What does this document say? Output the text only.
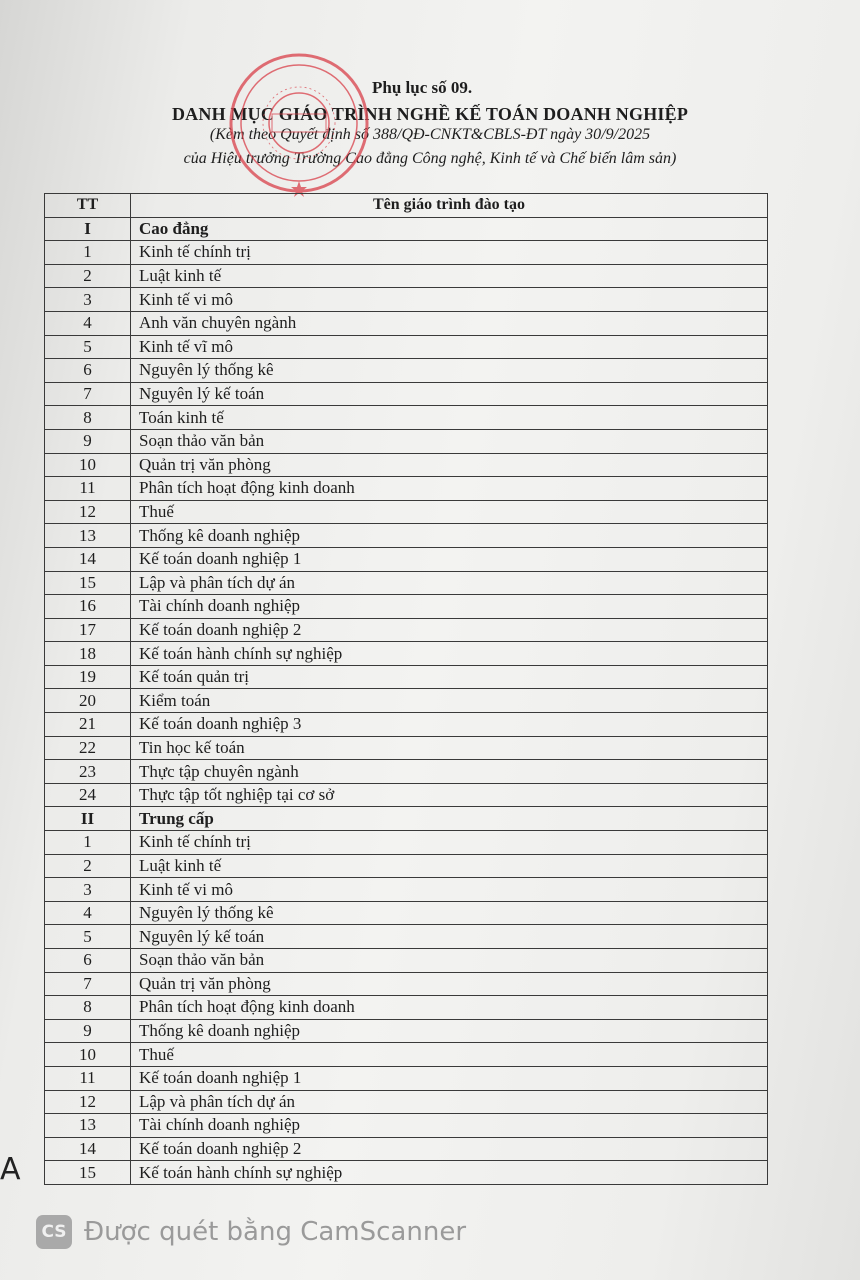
Phụ lục số 09.
DANH MỤC GIÁO TRÌNH NGHỀ KẾ TOÁN DOANH NGHIỆP
(Kèm theo Quyết định số 388/QĐ-CNKT&CBLS-ĐT ngày 30/9/2025
của Hiệu trưởng Trường Cao đẳng Công nghệ, Kinh tế và Chế biến lâm sản)
TT	Tên giáo trình đào tạo
I	Cao đẳng
1	Kinh tế chính trị
2	Luật kinh tế
3	Kinh tế vi mô
4	Anh văn chuyên ngành
5	Kinh tế vĩ mô
6	Nguyên lý thống kê
7	Nguyên lý kế toán
8	Toán kinh tế
9	Soạn thảo văn bản
10	Quản trị văn phòng
11	Phân tích hoạt động kinh doanh
12	Thuế
13	Thống kê doanh nghiệp
14	Kế toán doanh nghiệp 1
15	Lập và phân tích dự án
16	Tài chính doanh nghiệp
17	Kế toán doanh nghiệp 2
18	Kế toán hành chính sự nghiệp
19	Kế toán quản trị
20	Kiểm toán
21	Kế toán doanh nghiệp 3
22	Tin học kế toán
23	Thực tập chuyên ngành
24	Thực tập tốt nghiệp tại cơ sở
II	Trung cấp
1	Kinh tế chính trị
2	Luật kinh tế
3	Kinh tế vi mô
4	Nguyên lý thống kê
5	Nguyên lý kế toán
6	Soạn thảo văn bản
7	Quản trị văn phòng
8	Phân tích hoạt động kinh doanh
9	Thống kê doanh nghiệp
10	Thuế
11	Kế toán doanh nghiệp 1
12	Lập và phân tích dự án
13	Tài chính doanh nghiệp
14	Kế toán doanh nghiệp 2
15	Kế toán hành chính sự nghiệp
A
CS Được quét bằng CamScanner
